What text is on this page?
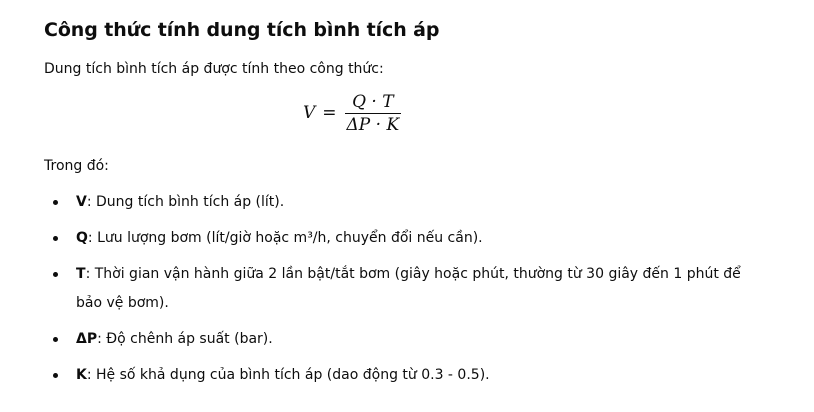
Công thức tính dung tích bình tích áp

Dung tích bình tích áp được tính theo công thức:

$V = \frac{Q \cdot T}{\Delta P \cdot K}$

Trong đó:

V: Dung tích bình tích áp (lít).
Q: Lưu lượng bơm (lít/giờ hoặc m³/h, chuyển đổi nếu cần).
T: Thời gian vận hành giữa 2 lần bật/tắt bơm (giây hoặc phút, thường từ 30 giây đến 1 phút để bảo vệ bơm).
ΔP: Độ chênh áp suất (bar).
K: Hệ số khả dụng của bình tích áp (dao động từ 0.3 - 0.5).
